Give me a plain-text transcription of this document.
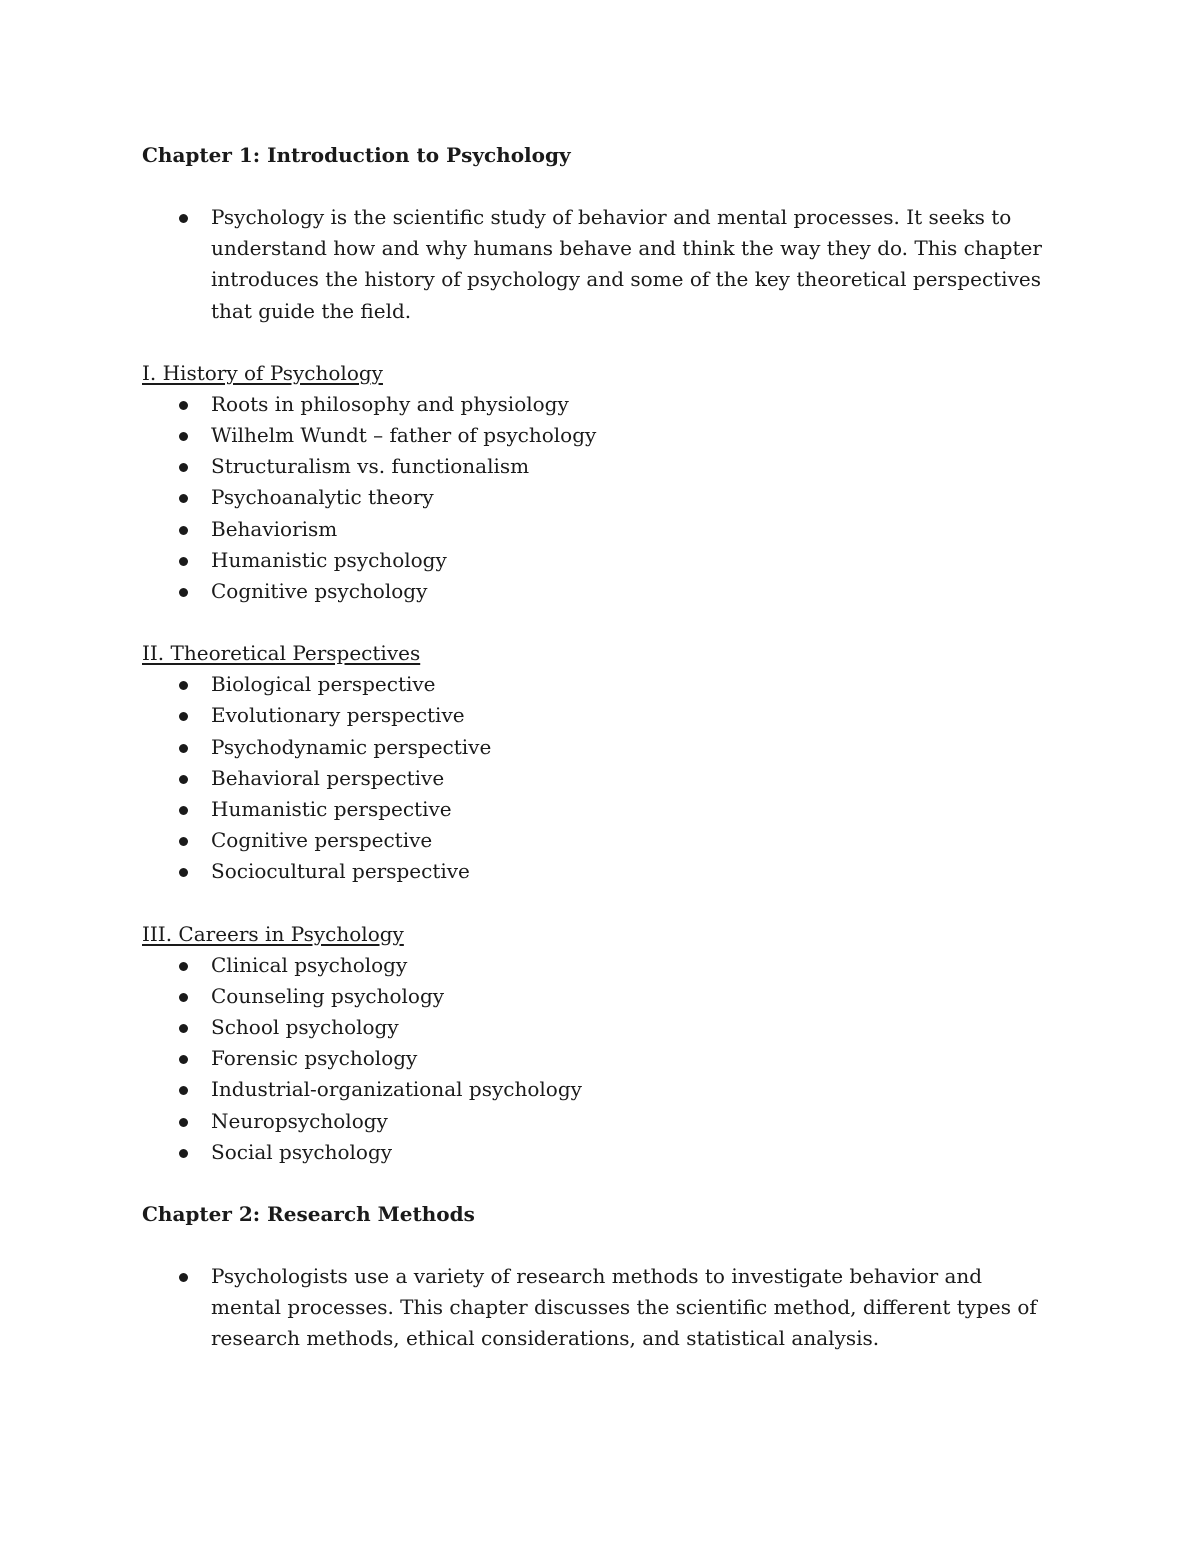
Chapter 1: Introduction to Psychology

Psychology is the scientific study of behavior and mental processes. It seeks to understand how and why humans behave and think the way they do. This chapter introduces the history of psychology and some of the key theoretical perspectives that guide the field.

I. History of Psychology

Roots in philosophy and physiology
Wilhelm Wundt – father of psychology
Structuralism vs. functionalism
Psychoanalytic theory
Behaviorism
Humanistic psychology
Cognitive psychology

II. Theoretical Perspectives

Biological perspective
Evolutionary perspective
Psychodynamic perspective
Behavioral perspective
Humanistic perspective
Cognitive perspective
Sociocultural perspective

III. Careers in Psychology

Clinical psychology
Counseling psychology
School psychology
Forensic psychology
Industrial-organizational psychology
Neuropsychology
Social psychology

Chapter 2: Research Methods

Psychologists use a variety of research methods to investigate behavior and mental processes. This chapter discusses the scientific method, different types of research methods, ethical considerations, and statistical analysis.
